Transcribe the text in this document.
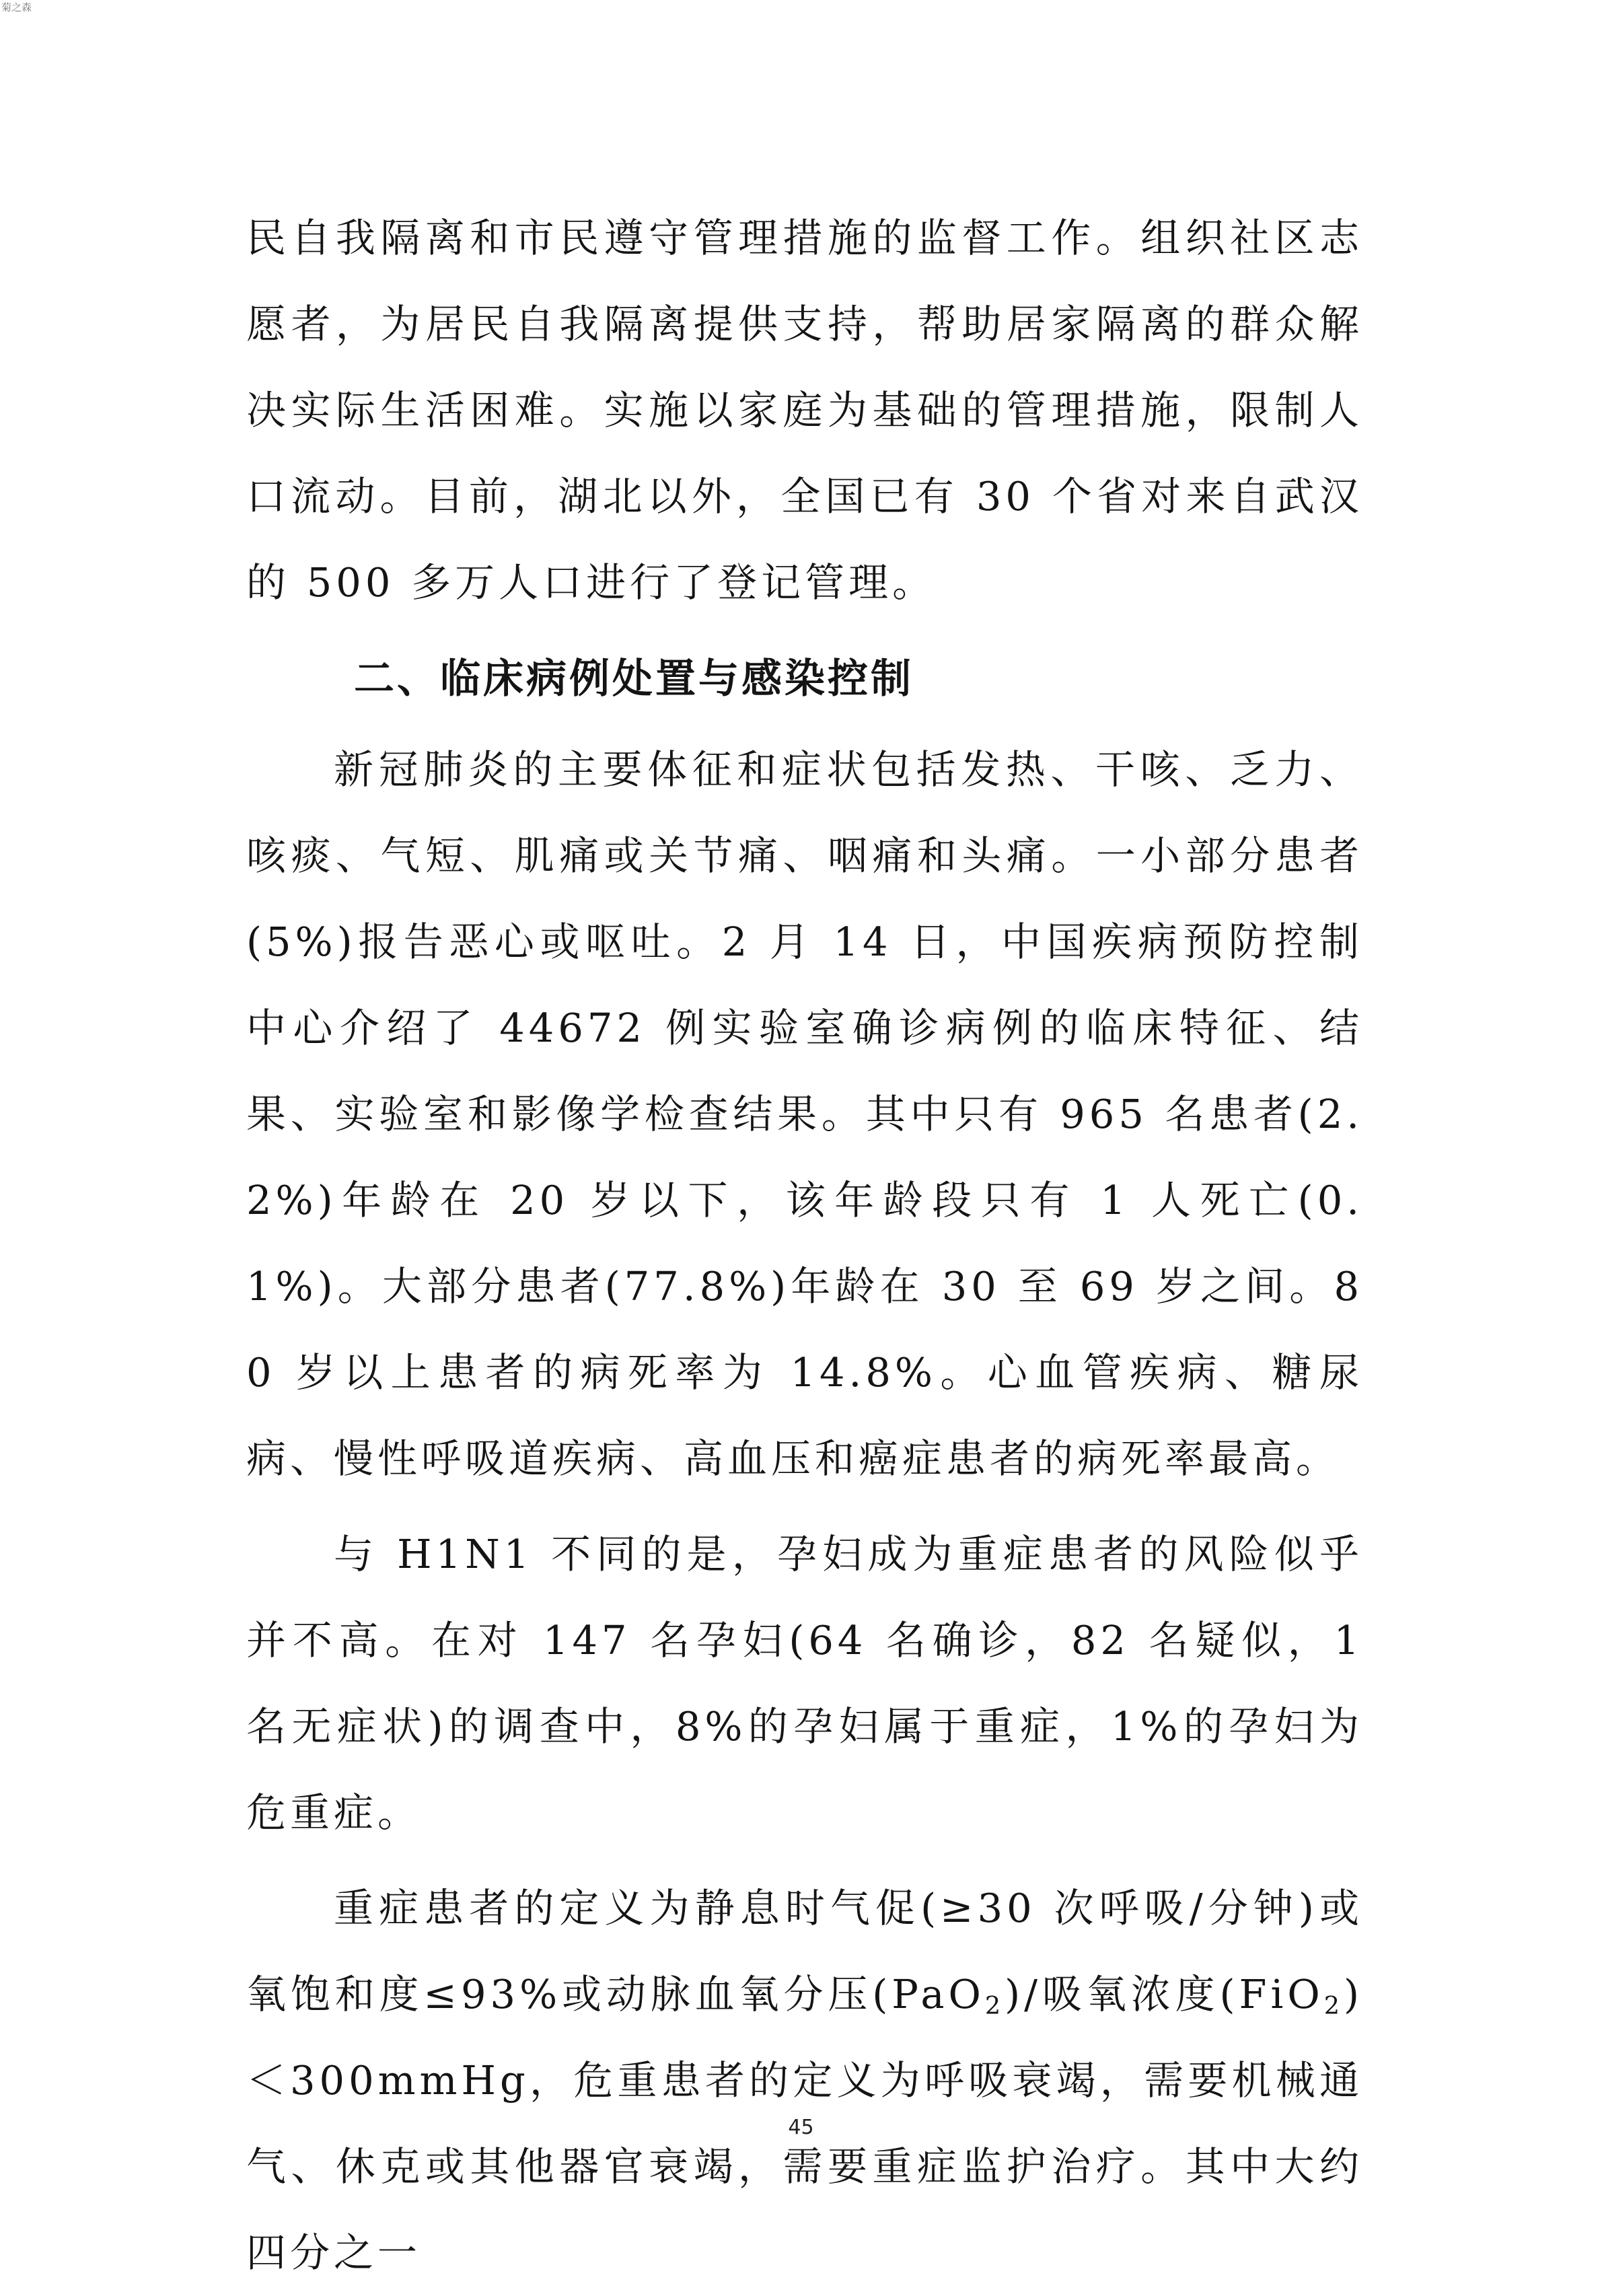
菊之森

民自我隔离和市民遵守管理措施的监督工作。组织社区志愿者，为居民自我隔离提供支持，帮助居家隔离的群众解决实际生活困难。实施以家庭为基础的管理措施，限制人口流动。目前，湖北以外，全国已有 30 个省对来自武汉的 500 多万人口进行了登记管理。

二、临床病例处置与感染控制

新冠肺炎的主要体征和症状包括发热、干咳、乏力、咳痰、气短、肌痛或关节痛、咽痛和头痛。一小部分患者(5%)报告恶心或呕吐。2 月 14 日，中国疾病预防控制中心介绍了 44672 例实验室确诊病例的临床特征、结果、实验室和影像学检查结果。其中只有 965 名患者(2.2%)年龄在 20 岁以下，该年龄段只有 1 人死亡(0.1%)。大部分患者(77.8%)年龄在 30 至 69 岁之间。80 岁以上患者的病死率为 14.8%。心血管疾病、糖尿病、慢性呼吸道疾病、高血压和癌症患者的病死率最高。

与 H1N1 不同的是，孕妇成为重症患者的风险似乎并不高。在对 147 名孕妇(64 名确诊，82 名疑似，1 名无症状)的调查中，8%的孕妇属于重症，1%的孕妇为危重症。

重症患者的定义为静息时气促(≥30 次呼吸/分钟)或氧饱和度≤93%或动脉血氧分压(PaO$_2$)/吸氧浓度(FiO$_2$)＜300mmHg，危重患者的定义为呼吸衰竭，需要机械通气、休克或其他器官衰竭，需要重症监护治疗。其中大约四分之一

45
